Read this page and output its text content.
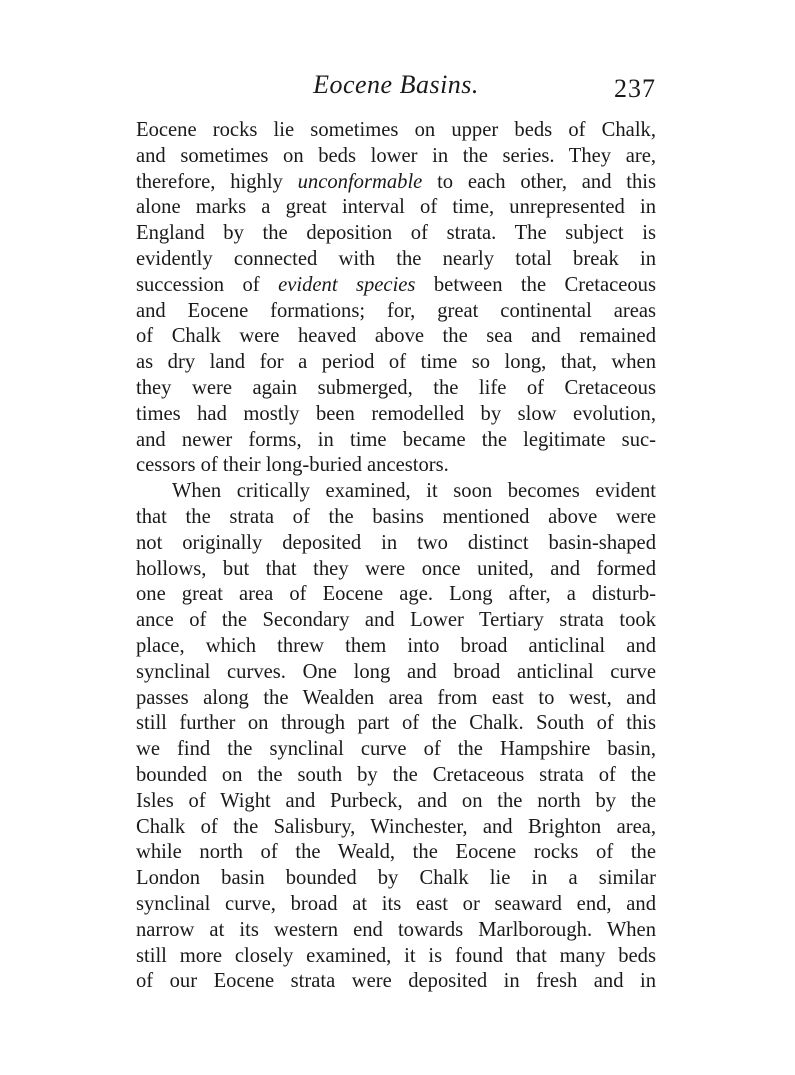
Eocene Basins.	237
Eocene rocks lie sometimes on upper beds of Chalk,
and sometimes on beds lower in the series. They are,
therefore, highly unconformable to each other, and this
alone marks a great interval of time, unrepresented in
England by the deposition of strata. The subject is
evidently connected with the nearly total break in
succession of evident species between the Cretaceous
and Eocene formations; for, great continental areas
of Chalk were heaved above the sea and remained
as dry land for a period of time so long, that, when
they were again submerged, the life of Cretaceous
times had mostly been remodelled by slow evolution,
and newer forms, in time became the legitimate suc-
cessors of their long-buried ancestors.
When critically examined, it soon becomes evident
that the strata of the basins mentioned above were
not originally deposited in two distinct basin-shaped
hollows, but that they were once united, and formed
one great area of Eocene age. Long after, a disturb-
ance of the Secondary and Lower Tertiary strata took
place, which threw them into broad anticlinal and
synclinal curves. One long and broad anticlinal curve
passes along the Wealden area from east to west, and
still further on through part of the Chalk. South of this
we find the synclinal curve of the Hampshire basin,
bounded on the south by the Cretaceous strata of the
Isles of Wight and Purbeck, and on the north by the
Chalk of the Salisbury, Winchester, and Brighton area,
while north of the Weald, the Eocene rocks of the
London basin bounded by Chalk lie in a similar
synclinal curve, broad at its east or seaward end, and
narrow at its western end towards Marlborough. When
still more closely examined, it is found that many beds
of our Eocene strata were deposited in fresh and in
